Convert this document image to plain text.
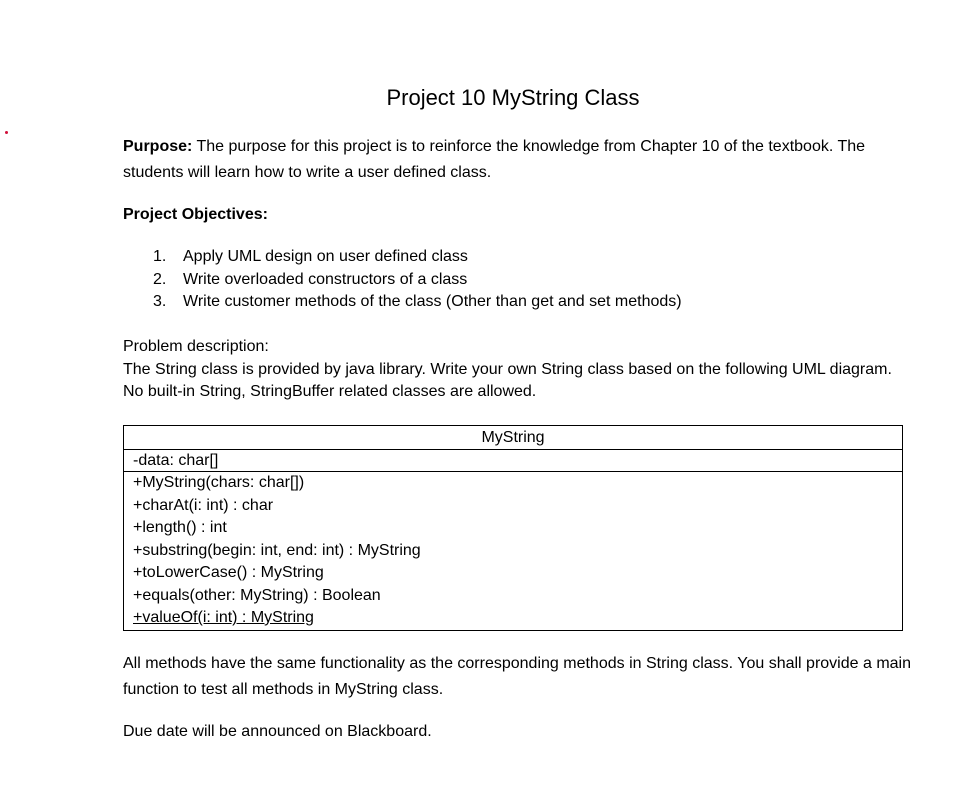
Project 10 MyString Class
Purpose: The purpose for this project is to reinforce the knowledge from Chapter 10 of the textbook. The students will learn how to write a user defined class.
Project Objectives:
1.	Apply UML design on user defined class
2.	Write overloaded constructors of a class
3.	Write customer methods of the class (Other than get and set methods)
Problem description:
The String class is provided by java library. Write your own String class based on the following UML diagram. No built-in String, StringBuffer related classes are allowed.
MyString
-data: char[]
+MyString(chars: char[])
+charAt(i: int) : char
+length() : int
+substring(begin: int, end: int) : MyString
+toLowerCase() : MyString
+equals(other: MyString) : Boolean
+valueOf(i: int) : MyString
All methods have the same functionality as the corresponding methods in String class. You shall provide a main function to test all methods in MyString class.
Due date will be announced on Blackboard.
